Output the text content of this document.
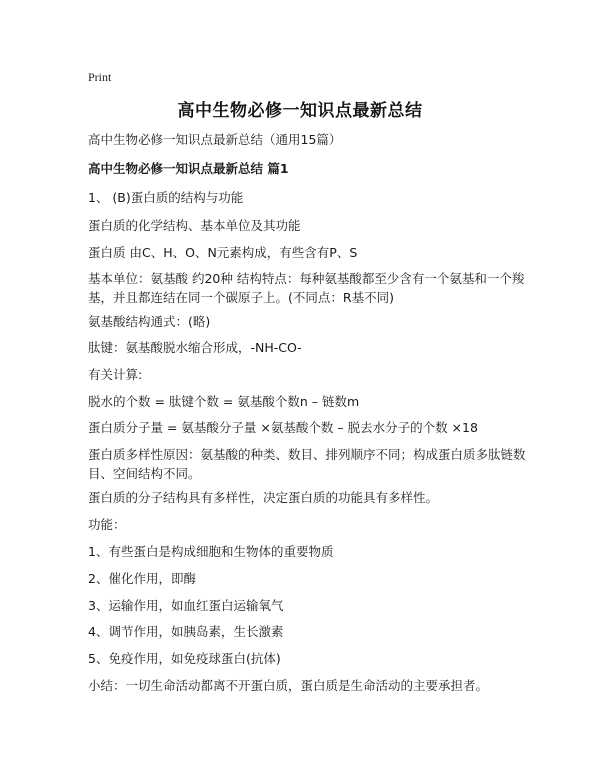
Print
高中生物必修一知识点最新总结
高中生物必修一知识点最新总结（通用15篇）
高中生物必修一知识点最新总结 篇1
1、 (B)蛋白质的结构与功能
蛋白质的化学结构、基本单位及其功能
蛋白质 由C、H、O、N元素构成，有些含有P、S
基本单位：氨基酸 约20种 结构特点：每种氨基酸都至少含有一个氨基和一个羧基，并且都连结在同一个碳原子上。(不同点：R基不同)
氨基酸结构通式：(略)
肽键：氨基酸脱水缩合形成，-NH-CO-
有关计算:
脱水的个数 = 肽键个数 = 氨基酸个数n – 链数m
蛋白质分子量 = 氨基酸分子量 ×氨基酸个数 – 脱去水分子的个数 ×18
蛋白质多样性原因：氨基酸的种类、数目、排列顺序不同；构成蛋白质多肽链数目、空间结构不同。
蛋白质的分子结构具有多样性，决定蛋白质的功能具有多样性。
功能：
1、有些蛋白是构成细胞和生物体的重要物质
2、催化作用，即酶
3、运输作用，如血红蛋白运输氧气
4、调节作用，如胰岛素，生长激素
5、免疫作用，如免疫球蛋白(抗体)
小结：一切生命活动都离不开蛋白质，蛋白质是生命活动的主要承担者。
